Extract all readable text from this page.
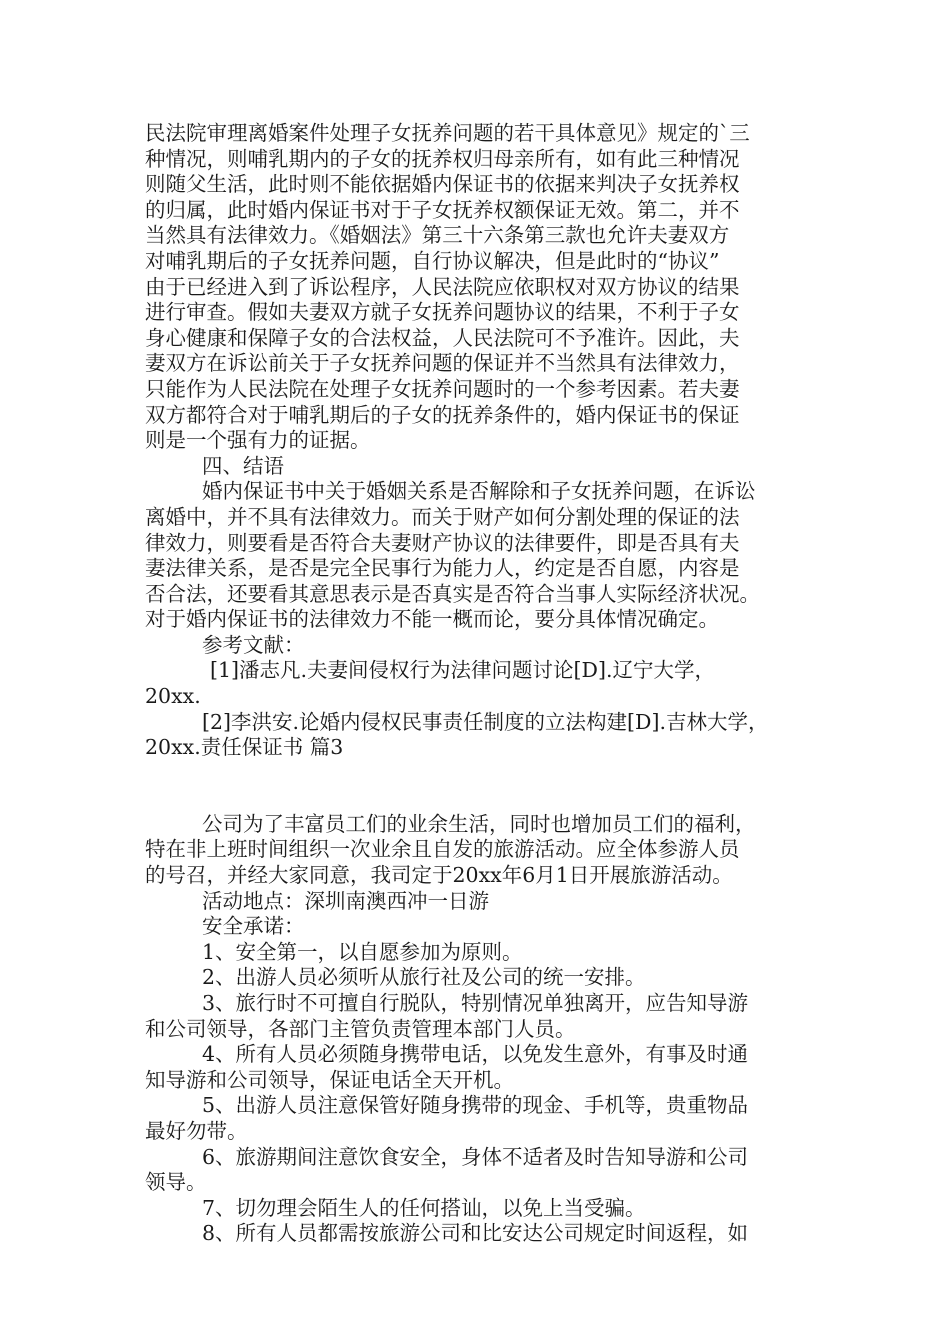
民法院审理离婚案件处理子女抚养问题的若干具体意见》规定的`三
种情况，则哺乳期内的子女的抚养权归母亲所有，如有此三种情况
则随父生活，此时则不能依据婚内保证书的依据来判决子女抚养权
的归属，此时婚内保证书对于子女抚养权额保证无效。第二，并不
当然具有法律效力。《婚姻法》第三十六条第三款也允许夫妻双方
对哺乳期后的子女抚养问题，自行协议解决，但是此时的“协议”
由于已经进入到了诉讼程序，人民法院应依职权对双方协议的结果
进行审查。假如夫妻双方就子女抚养问题协议的结果，不利于子女
身心健康和保障子女的合法权益，人民法院可不予准许。因此，夫
妻双方在诉讼前关于子女抚养问题的保证并不当然具有法律效力，
只能作为人民法院在处理子女抚养问题时的一个参考因素。若夫妻
双方都符合对于哺乳期后的子女的抚养条件的，婚内保证书的保证
则是一个强有力的证据。
四、结语
婚内保证书中关于婚姻关系是否解除和子女抚养问题，在诉讼
离婚中，并不具有法律效力。而关于财产如何分割处理的保证的法
律效力，则要看是否符合夫妻财产协议的法律要件，即是否具有夫
妻法律关系，是否是完全民事行为能力人，约定是否自愿，内容是
否合法，还要看其意思表示是否真实是否符合当事人实际经济状况。
对于婚内保证书的法律效力不能一概而论，要分具体情况确定。
参考文献：
[1]潘志凡.夫妻间侵权行为法律问题讨论[D].辽宁大学，
20xx.
[2]李洪安.论婚内侵权民事责任制度的立法构建[D].吉林大学，
20xx.责任保证书 篇3
公司为了丰富员工们的业余生活，同时也增加员工们的福利，
特在非上班时间组织一次业余且自发的旅游活动。应全体参游人员
的号召，并经大家同意，我司定于20xx年6月1日开展旅游活动。
活动地点：深圳南澳西冲一日游
安全承诺：
1、安全第一，以自愿参加为原则。
2、出游人员必须听从旅行社及公司的统一安排。
3、旅行时不可擅自行脱队，特别情况单独离开，应告知导游
和公司领导，各部门主管负责管理本部门人员。
4、所有人员必须随身携带电话，以免发生意外，有事及时通
知导游和公司领导，保证电话全天开机。
5、出游人员注意保管好随身携带的现金、手机等，贵重物品
最好勿带。
6、旅游期间注意饮食安全，身体不适者及时告知导游和公司
领导。
7、切勿理会陌生人的任何搭讪，以免上当受骗。
8、所有人员都需按旅游公司和比安达公司规定时间返程，如
